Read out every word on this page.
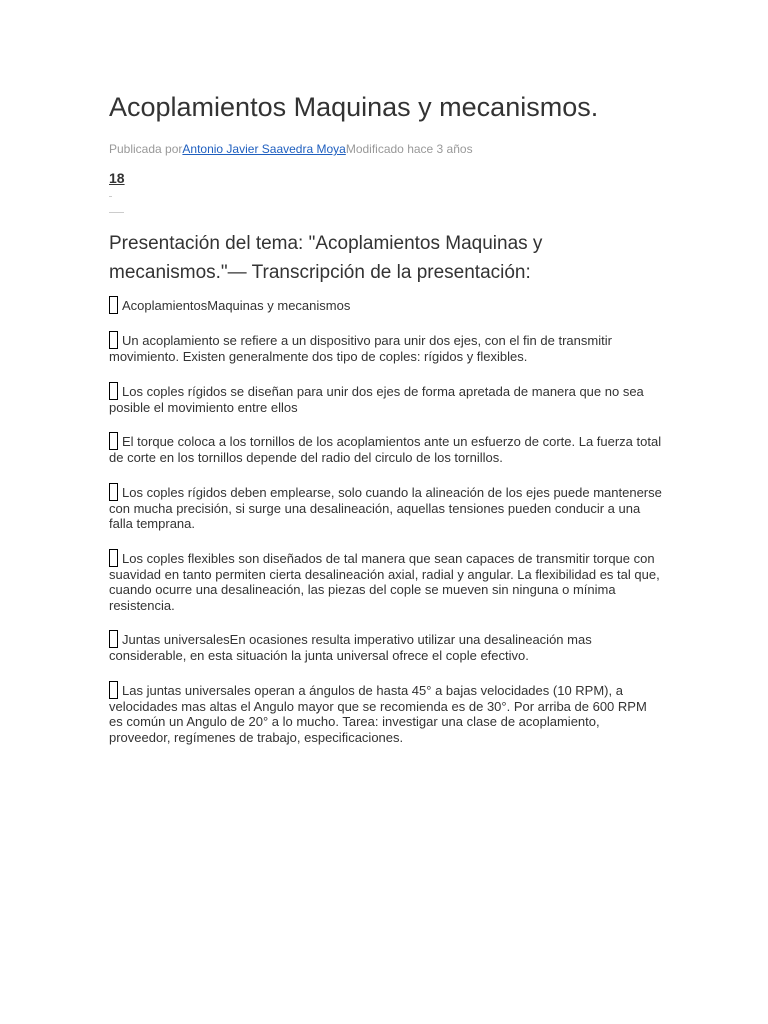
Acoplamientos Maquinas y mecanismos.
Publicada porAntonio Javier Saavedra MoyaModificado hace 3 años
18
Presentación del tema: "Acoplamientos Maquinas y mecanismos."— Transcripción de la presentación:

AcoplamientosMaquinas y mecanismos

Un acoplamiento se refiere a un dispositivo para unir dos ejes, con el fin de transmitir movimiento. Existen generalmente dos tipo de coples: rígidos y flexibles.

Los coples rígidos se diseñan para unir dos ejes de forma apretada de manera que no sea posible el movimiento entre ellos

El torque coloca a los tornillos de los acoplamientos ante un esfuerzo de corte. La fuerza total de corte en los tornillos depende del radio del circulo de los tornillos.

Los coples rígidos deben emplearse, solo cuando la alineación de los ejes puede mantenerse con mucha precisión, si surge una desalineación, aquellas tensiones pueden conducir a una falla temprana.

Los coples flexibles son diseñados de tal manera que sean capaces de transmitir torque con suavidad en tanto permiten cierta desalineación axial, radial y angular. La flexibilidad es tal que, cuando ocurre una desalineación, las piezas del cople se mueven sin ninguna o mínima resistencia.

Juntas universalesEn ocasiones resulta imperativo utilizar una desalineación mas considerable, en esta situación la junta universal ofrece el cople efectivo.

Las juntas universales operan a ángulos de hasta 45° a bajas velocidades (10 RPM), a velocidades mas altas el Angulo mayor que se recomienda es de 30°. Por arriba de 600 RPM es común un Angulo de 20° a lo mucho. Tarea: investigar una clase de acoplamiento, proveedor, regímenes de trabajo, especificaciones.
